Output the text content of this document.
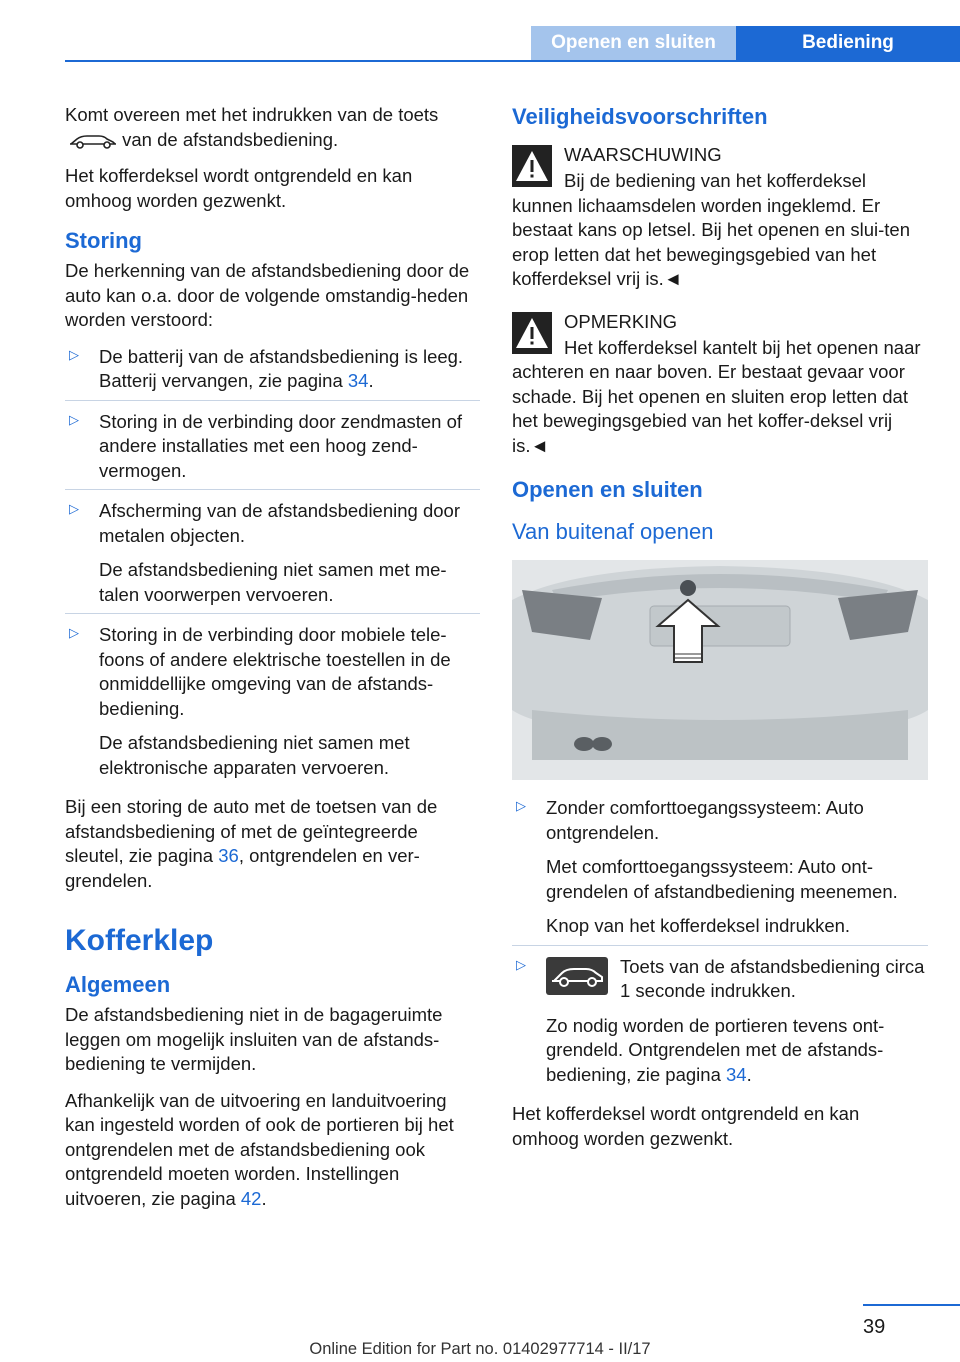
Openen en sluiten	Bediening

Komt overeen met het indrukken van de toets
van de afstandsbediening.

Het kofferdeksel wordt ontgrendeld en kan omhoog worden gezwenkt.

Storing

De herkenning van de afstandsbediening door de auto kan o.a. door de volgende omstandig-heden worden verstoord:

▷ De batterij van de afstandsbediening is leeg. Batterij vervangen, zie pagina 34.

▷ Storing in de verbinding door zendmasten of andere installaties met een hoog zend-vermogen.

▷ Afscherming van de afstandsbediening door metalen objecten.

De afstandsbediening niet samen met me-talen voorwerpen vervoeren.

▷ Storing in de verbinding door mobiele tele-foons of andere elektrische toestellen in de onmiddellijke omgeving van de afstands-bediening.

De afstandsbediening niet samen met elektronische apparaten vervoeren.

Bij een storing de auto met de toetsen van de afstandsbediening of met de geïntegreerde sleutel, zie pagina 36, ontgrendelen en ver-grendelen.

Kofferklep
Algemeen

De afstandsbediening niet in de bagageruimte leggen om mogelijk insluiten van de afstands-bediening te vermijden.

Afhankelijk van de uitvoering en landuitvoering kan ingesteld worden of ook de portieren bij het ontgrendelen met de afstandsbediening ook ontgrendeld moeten worden. Instellingen uitvoeren, zie pagina 42.

Veiligheidsvoorschriften
WAARSCHUWING

Bij de bediening van het kofferdeksel kunnen lichaamsdelen worden ingeklemd. Er bestaat kans op letsel. Bij het openen en slui-ten erop letten dat het bewegingsgebied van het kofferdeksel vrij is.◄

OPMERKING

Het kofferdeksel kantelt bij het openen naar achteren en naar boven. Er bestaat gevaar voor schade. Bij het openen en sluiten erop letten dat het bewegingsgebied van het koffer-deksel vrij is.◄

Openen en sluiten
Van buitenaf openen
▷ Zonder comforttoegangssysteem: Auto ontgrendelen.

Met comforttoegangssysteem: Auto ont-grendelen of afstandbediening meenemen.

Knop van het kofferdeksel indrukken.

▷	Toets van de afstandsbediening circa 1 seconde indrukken.

Zo nodig worden de portieren tevens ont-grendeld. Ontgrendelen met de afstands-bediening, zie pagina 34.

Het kofferdeksel wordt ontgrendeld en kan omhoog worden gezwenkt.

39
Online Edition for Part no. 01402977714 - II/17
